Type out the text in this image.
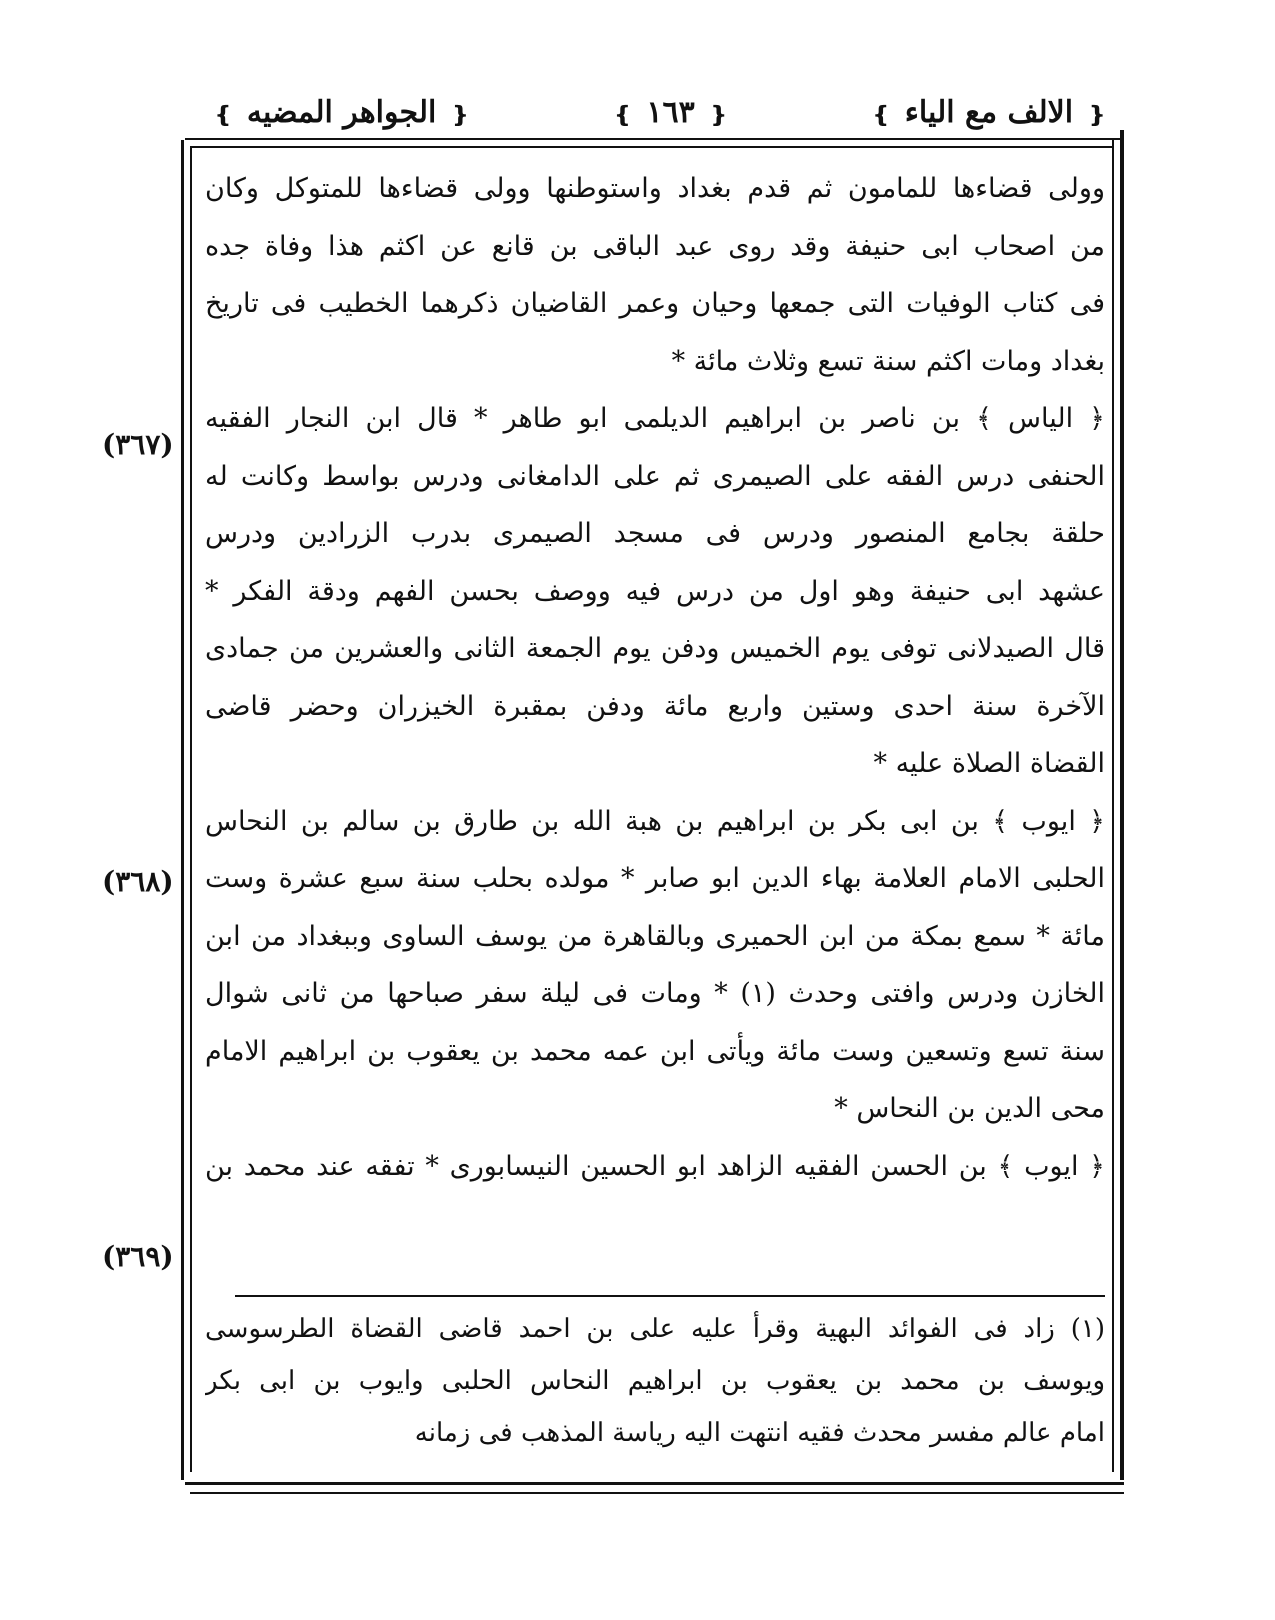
❴ الالف مع الياء ❵
❴ ١٦٣ ❵
❴ الجواهر المضيه ❵
وولى قضاءها للمامون ثم قدم بغداد واستوطنها وولى قضاءها للمتوكل وكان
من اصحاب ابى حنيفة وقد روى عبد الباقى بن قانع عن اكثم هذا وفاة جده
فى كتاب الوفيات التى جمعها وحيان وعمر القاضيان ذكرهما الخطيب فى تاريخ
بغداد ومات اكثم سنة تسع وثلاث مائة *
﴿ الياس ﴾ بن ناصر بن ابراهيم الديلمى ابو طاهر * قال ابن النجار الفقيه
الحنفى درس الفقه على الصيمرى ثم على الدامغانى ودرس بواسط وكانت له
حلقة بجامع المنصور ودرس فى مسجد الصيمرى بدرب الزرادين ودرس
عشهد ابى حنيفة وهو اول من درس فيه ووصف بحسن الفهم ودقة الفكر *
قال الصيدلانى توفى يوم الخميس ودفن يوم الجمعة الثانى والعشرين من جمادى
الآخرة سنة احدى وستين واربع مائة ودفن بمقبرة الخيزران وحضر قاضى
القضاة الصلاة عليه *
﴿ ايوب ﴾ بن ابى بكر بن ابراهيم بن هبة الله بن طارق بن سالم بن النحاس
الحلبى الامام العلامة بهاء الدين ابو صابر * مولده بحلب سنة سبع عشرة وست
مائة * سمع بمكة من ابن الحميرى وبالقاهرة من يوسف الساوى وببغداد من ابن
الخازن ودرس وافتى وحدث (١) * ومات فى ليلة سفر صباحها من ثانى شوال
سنة تسع وتسعين وست مائة ويأتى ابن عمه محمد بن يعقوب بن ابراهيم الامام
محى الدين بن النحاس *
﴿ ايوب ﴾ بن الحسن الفقيه الزاهد ابو الحسين النيسابورى * تفقه عند محمد بن
(٣٦٧)
(٣٦٨)
(٣٦٩)
(١) زاد فى الفوائد البهية وقرأ عليه على بن احمد قاضى القضاة الطرسوسى
ويوسف بن محمد بن يعقوب بن ابراهيم النحاس الحلبى وايوب بن ابى بكر
امام عالم مفسر محدث فقيه انتهت اليه رياسة المذهب فى زمانه
